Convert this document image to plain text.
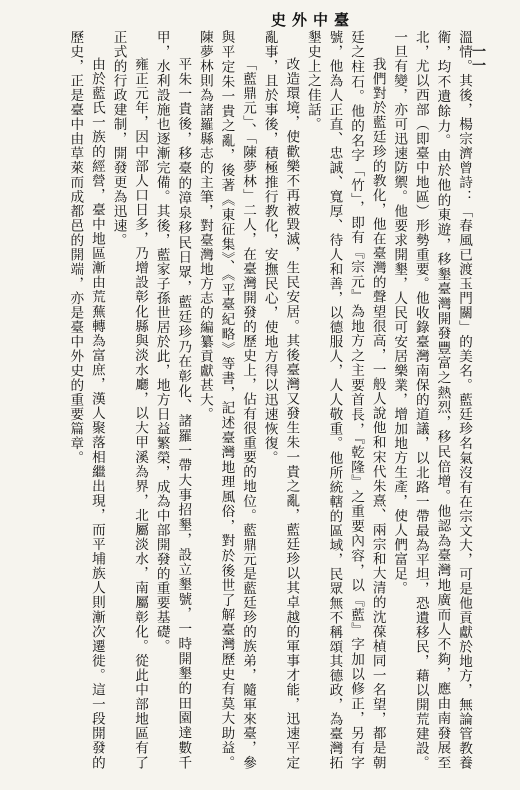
臺中外史
一一

溫情。其後，楊宗濟曾詩：「春風已渡玉門關」的美名。藍廷珍名氣沒有在宗文大，可是他貢獻於地方，無論管教養衛，均不遺餘力。由於他的東遊，移墾臺灣開發豐富之熱烈，移民倍增。他認為臺灣地廣而人不夠，應由南發展至北，尤以西部（即臺中地區）形勢重要。他收錄臺灣南保的道議，以北路一帶最為平坦，恐遺移民，藉以開荒建設。一旦有變，亦可迅速防禦。他要求開墾，人民可安居樂業，增加地方生產，使人們富足。

我們對於藍廷珍的教化，他在臺灣的聲望很高，一般人說他和宋代朱熹、兩宗和大清的沈葆楨同一名望，都是朝廷之柱石。他的名字「竹」，即有『宗元』為地方之主要首長，『乾隆』之重要內容，以『藍』字加以修正，另有字號，他為人正直、忠誠、寬厚、待人和善，以德服人，人人敬重。他所統轄的區域，民眾無不稱頌其德政，為臺灣拓墾史上之佳話。

改造環境，使歡樂不再被毀滅，生民安居。其後臺灣又發生朱一貴之亂，藍廷珍以其卓越的軍事才能，迅速平定亂事，且於事後，積極推行教化，安撫民心，使地方得以迅速恢復。

「藍鼎元」、「陳夢林」二人，在臺灣開發的歷史上，佔有很重要的地位。藍鼎元是藍廷珍的族弟，隨軍來臺，參與平定朱一貴之亂，後著《東征集》、《平臺紀略》等書，記述臺灣地理風俗，對於後世了解臺灣歷史有莫大助益。陳夢林則為諸羅縣志的主筆，對臺灣地方志的編纂貢獻甚大。

平朱一貴後，移臺的漳泉移民日眾，藍廷珍乃在彰化、諸羅一帶大事招墾，設立墾號，一時開墾的田園達數千甲，水利設施也逐漸完備。其後，藍家子孫世居於此，地方日益繁榮，成為中部開發的重要基礎。

雍正元年，因中部人口日多，乃增設彰化縣與淡水廳，以大甲溪為界，北屬淡水，南屬彰化。從此中部地區有了正式的行政建制，開發更為迅速。

由於藍氏一族的經營，臺中地區漸由荒蕪轉為富庶，漢人聚落相繼出現，而平埔族人則漸次遷徙。這一段開發的歷史，正是臺中由草萊而成都邑的開端，亦是臺中外史的重要篇章。
